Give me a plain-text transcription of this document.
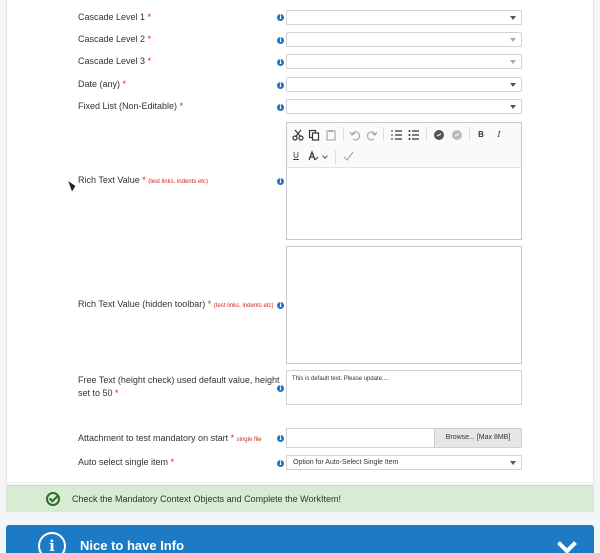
Cascade Level 1 *	i
Cascade Level 2 *	i
Cascade Level 3 *	i
Date (any) *	i
Fixed List (Non-Editable) *	i
Rich Text Value * (test links, indents etc)	i
B	I
U
Rich Text Value (hidden toolbar) * (test links, indents etc) i
Free Text (height check) used default value, height
set to 50 *	i
This is default text. Please update....
Attachment to test mandatory on start * single file	i	Browse... [Max 8MB]
Auto select single item *	i	Option for Auto-Select Single Item
Check the Mandatory Context Objects and Complete the WorkItem!
i	Nice to have Info
